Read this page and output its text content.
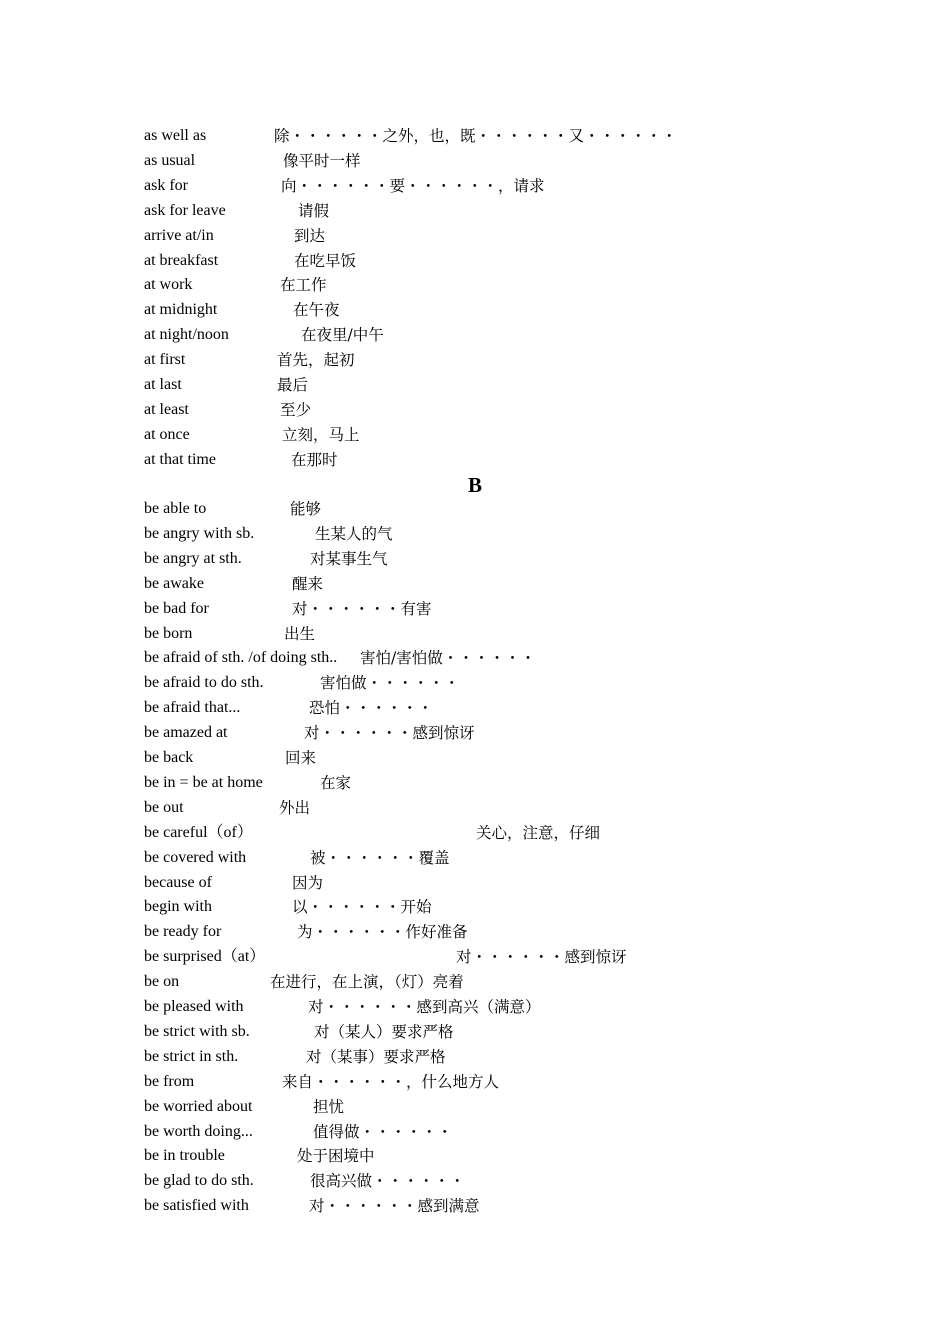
as well as	除・・・・・・之外，也，既・・・・・・又・・・・・・
as usual	像平时一样
ask for	向・・・・・・要・・・・・・，请求
ask for leave	请假
arrive at/in	到达
at breakfast	在吃早饭
at work	在工作
at midnight	在午夜
at night/noon	在夜里/中午
at first	首先，起初
at last	最后
at least	至少
at once	立刻，马上
at that time	在那时
B
be able to	能够
be angry with sb.	生某人的气
be angry at sth.	对某事生气
be awake	醒来
be bad for	对・・・・・・有害
be born	出生
be afraid of sth. /of doing sth.. 害怕/害怕做・・・・・・
be afraid to do sth.	害怕做・・・・・・
be afraid that...	恐怕・・・・・・
be amazed at	对・・・・・・感到惊讶
be back	回来
be in = be at home	在家
be out	外出
be careful（of）	关心，注意，仔细
be covered with	被・・・・・・覆盖
because of	因为
begin with	以・・・・・・开始
be ready for	为・・・・・・作好准备
be surprised（at）	对・・・・・・感到惊讶
be on	在进行，在上演，（灯）亮着
be pleased with	对・・・・・・感到高兴（满意）
be strict with sb.	对（某人）要求严格
be strict in sth.	对（某事）要求严格
be from	来自・・・・・・，什么地方人
be worried about	担忧
be worth doing...	值得做・・・・・・
be in trouble	处于困境中
be glad to do sth.	很高兴做・・・・・・
be satisfied with	对・・・・・・感到满意
